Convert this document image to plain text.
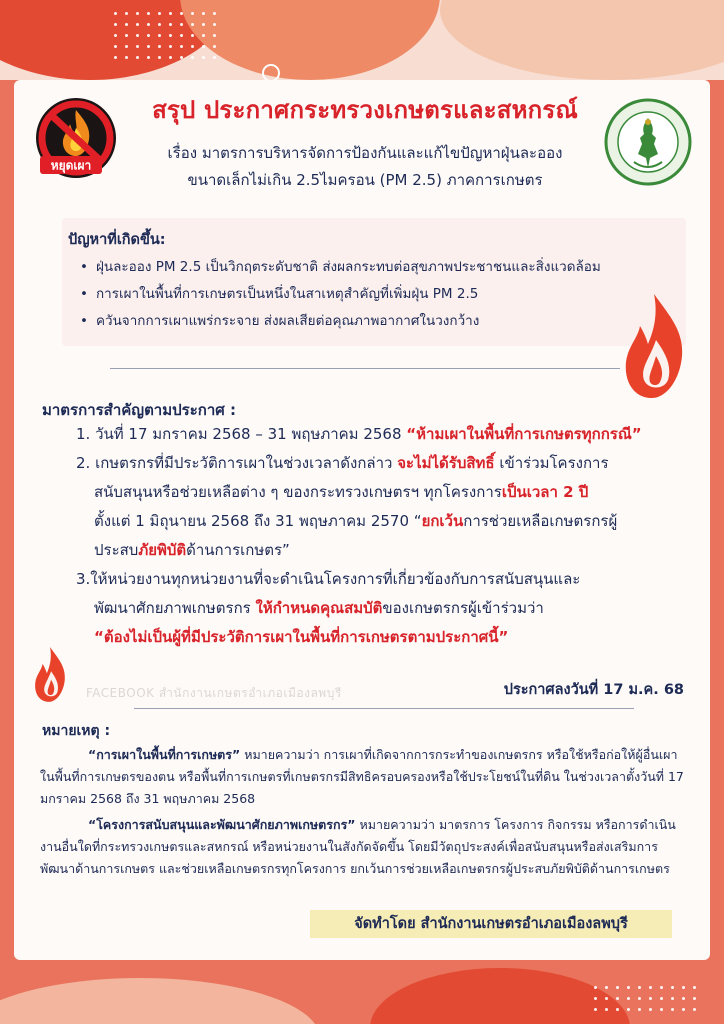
หยุดเผา
สรุป ประกาศกระทรวงเกษตรและสหกรณ์
เรื่อง มาตรการบริหารจัดการป้องกันและแก้ไขปัญหาฝุ่นละออง
ขนาดเล็กไม่เกิน 2.5ไมครอน (PM 2.5) ภาคการเกษตร
ปัญหาที่เกิดขึ้น:
• ฝุ่นละออง PM 2.5 เป็นวิกฤตระดับชาติ ส่งผลกระทบต่อสุขภาพประชาชนและสิ่งแวดล้อม
• การเผาในพื้นที่การเกษตรเป็นหนึ่งในสาเหตุสำคัญที่เพิ่มฝุ่น PM 2.5
• ควันจากการเผาแพร่กระจาย ส่งผลเสียต่อคุณภาพอากาศในวงกว้าง
มาตรการสำคัญตามประกาศ :

1. วันที่ 17 มกราคม 2568 – 31 พฤษภาคม 2568 “ห้ามเผาในพื้นที่การเกษตรทุกกรณี”

2. เกษตรกรที่มีประวัติการเผาในช่วงเวลาดังกล่าว จะไม่ได้รับสิทธิ์ เข้าร่วมโครงการ

สนับสนุนหรือช่วยเหลือต่าง ๆ ของกระทรวงเกษตรฯ ทุกโครงการเป็นเวลา 2 ปี

ตั้งแต่ 1 มิถุนายน 2568 ถึง 31 พฤษภาคม 2570 “ยกเว้นการช่วยเหลือเกษตรกรผู้

ประสบภัยพิบัติด้านการเกษตร”

3.ให้หน่วยงานทุกหน่วยงานที่จะดำเนินโครงการที่เกี่ยวข้องกับการสนับสนุนและ

พัฒนาศักยภาพเกษตรกร ให้กำหนดคุณสมบัติของเกษตรกรผู้เข้าร่วมว่า

“ต้องไม่เป็นผู้ที่มีประวัติการเผาในพื้นที่การเกษตรตามประกาศนี้”

FACEBOOK สำนักงานเกษตรอำเภอเมืองลพบุรี	ประกาศลงวันที่ 17 ม.ค. 68
หมายเหตุ :

“การเผาในพื้นที่การเกษตร” หมายความว่า การเผาที่เกิดจากการกระทำของเกษตรกร หรือใช้หรือก่อให้ผู้อื่นเผาในพื้นที่การเกษตรของตน หรือพื้นที่การเกษตรที่เกษตรกรมีสิทธิครอบครองหรือใช้ประโยชน์ในที่ดิน ในช่วงเวลาตั้งวันที่ 17 มกราคม 2568 ถึง 31 พฤษภาคม 2568

“โครงการสนับสนุนและพัฒนาศักยภาพเกษตรกร” หมายความว่า มาตรการ โครงการ กิจกรรม หรือการดำเนินงานอื่นใดที่กระทรวงเกษตรและสหกรณ์ หรือหน่วยงานในสังกัดจัดขึ้น โดยมีวัตถุประสงค์เพื่อสนับสนุนหรือส่งเสริมการพัฒนาด้านการเกษตร และช่วยเหลือเกษตรกรทุกโครงการ ยกเว้นการช่วยเหลือเกษตรกรผู้ประสบภัยพิบัติด้านการเกษตร

จัดทำโดย สำนักงานเกษตรอำเภอเมืองลพบุรี
